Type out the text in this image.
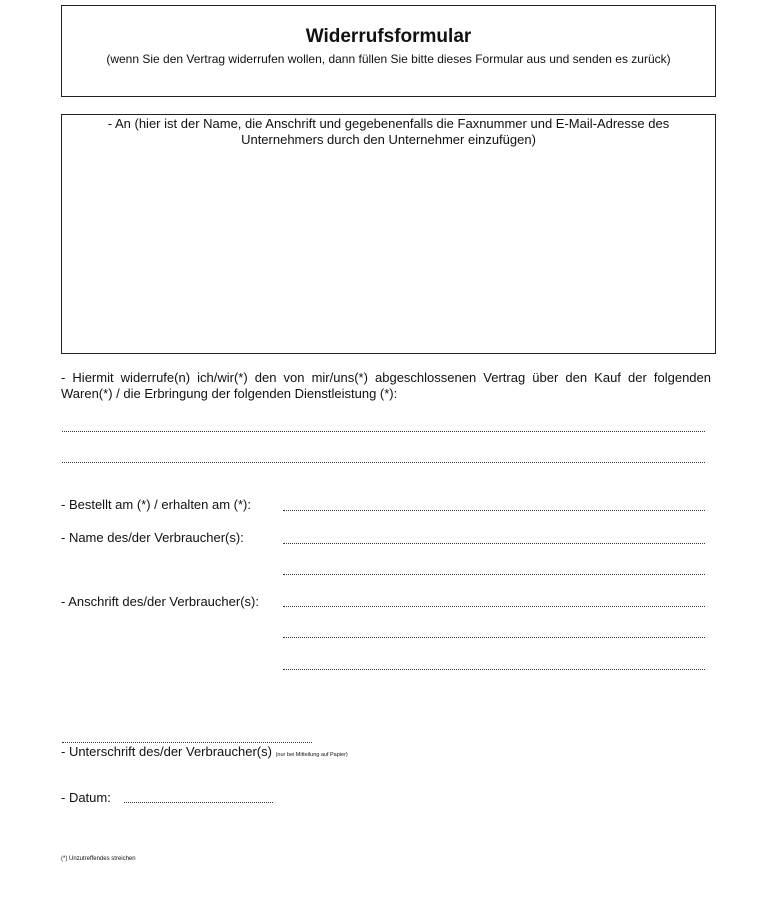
Widerrufsformular
(wenn Sie den Vertrag widerrufen wollen, dann füllen Sie bitte dieses Formular aus und senden es zurück)
- An (hier ist der Name, die Anschrift und gegebenenfalls die Faxnummer und E-Mail-Adresse des Unternehmers durch den Unternehmer einzufügen)
- Hiermit widerrufe(n) ich/wir(*) den von mir/uns(*) abgeschlossenen Vertrag über den Kauf der folgenden Waren(*) / die Erbringung der folgenden Dienstleistung (*):
- Bestellt am (*) / erhalten am (*):
- Name des/der Verbraucher(s):
- Anschrift des/der Verbraucher(s):
- Unterschrift des/der Verbraucher(s) (nur bei Mitteilung auf Papier)
- Datum:
(*) Unzutreffendes streichen
